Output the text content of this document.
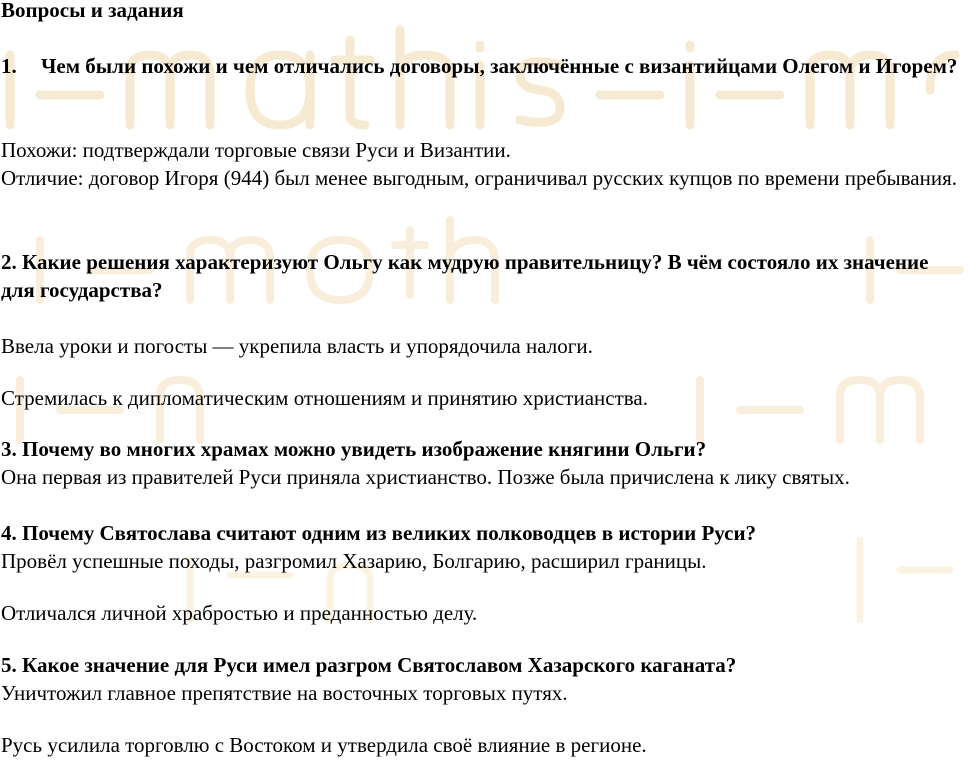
Вопросы и задания

1.	Чем были похожи и чем отличались договоры, заключённые с византийцами Олегом и Игорем?

Похожи: подтверждали торговые связи Руси и Византии.

Отличие: договор Игоря (944) был менее выгодным, ограничивал русских купцов по времени пребывания.

2. Какие решения характеризуют Ольгу как мудрую правительницу? В чём состояло их значение для государства?

Ввела уроки и погосты — укрепила власть и упорядочила налоги.

Стремилась к дипломатическим отношениям и принятию христианства.

3. Почему во многих храмах можно увидеть изображение княгини Ольги?

Она первая из правителей Руси приняла христианство. Позже была причислена к лику святых.

4. Почему Святослава считают одним из великих полководцев в истории Руси?

Провёл успешные походы, разгромил Хазарию, Болгарию, расширил границы.

Отличался личной храбростью и преданностью делу.

5. Какое значение для Руси имел разгром Святославом Хазарского каганата?

Уничтожил главное препятствие на восточных торговых путях.

Русь усилила торговлю с Востоком и утвердила своё влияние в регионе.
